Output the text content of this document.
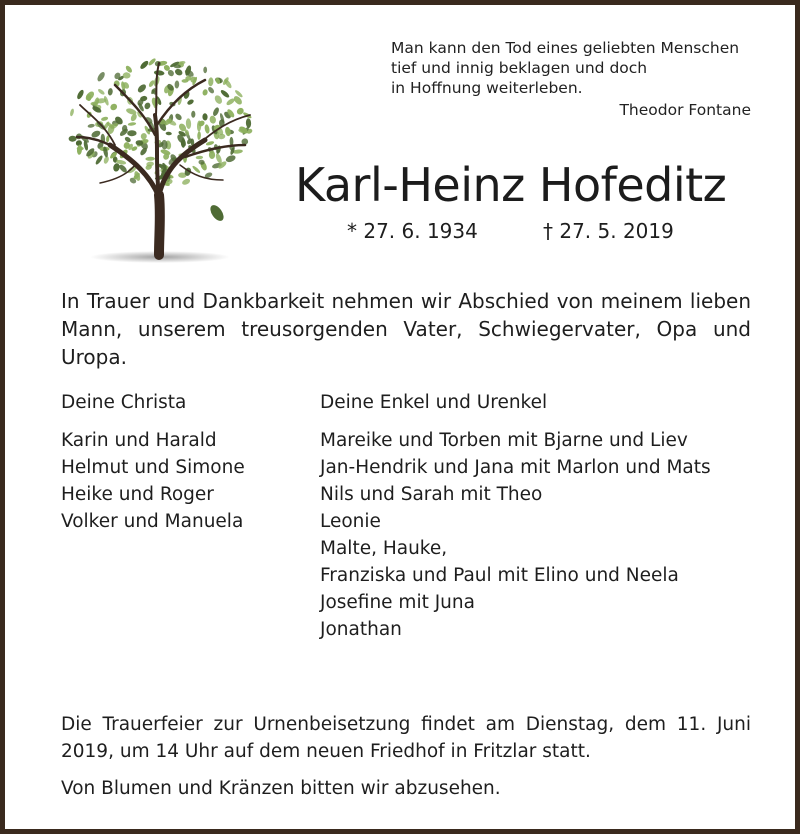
Man kann den Tod eines geliebten Menschen
tief und innig beklagen und doch
in Hoffnung weiterleben.
Theodor Fontane
Karl-Heinz Hofeditz
* 27. 6. 1934	† 27. 5. 2019
In Trauer und Dankbarkeit nehmen wir Abschied von meinem lieben
Mann, unserem treusorgenden Vater, Schwiegervater, Opa und Uropa.
Deine Christa
Karin und Harald
Helmut und Simone
Heike und Roger
Volker und Manuela
Deine Enkel und Urenkel
Mareike und Torben mit Bjarne und Liev
Jan-Hendrik und Jana mit Marlon und Mats
Nils und Sarah mit Theo
Leonie
Malte, Hauke,
Franziska und Paul mit Elino und Neela
Josefine mit Juna
Jonathan
Die Trauerfeier zur Urnenbeisetzung findet am Dienstag, dem 11. Juni
2019, um 14 Uhr auf dem neuen Friedhof in Fritzlar statt.
Von Blumen und Kränzen bitten wir abzusehen.
